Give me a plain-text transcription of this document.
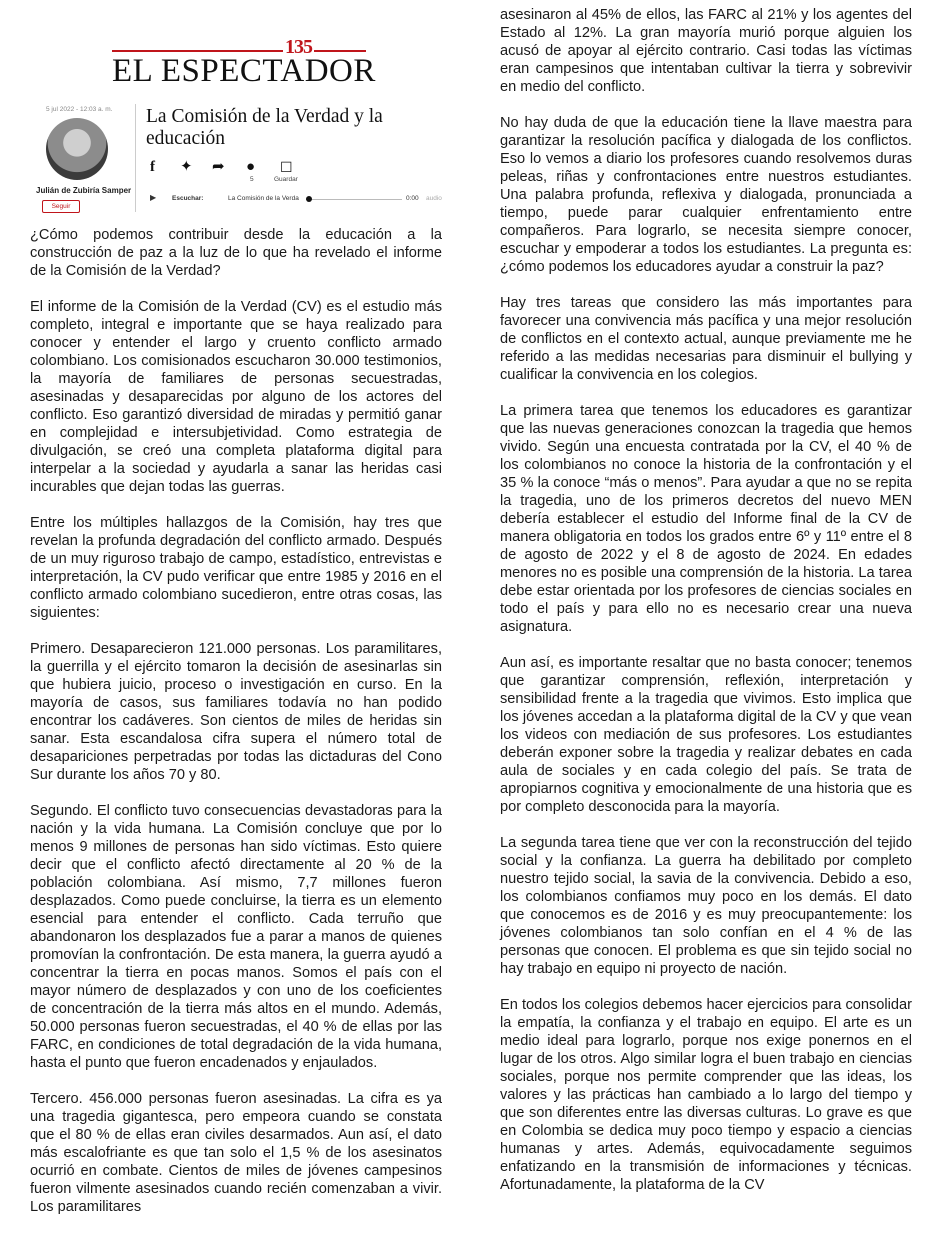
135
EL ESPECTADOR
5 jul 2022 - 12:03 a. m.
Julián de Zubiría Samper
Seguir
La Comisión de la Verdad y la educación
f ✦ ➦ ●
5
☐
Guardar
▶ Escuchar:	La Comisión de la Verda	0:00 audio

¿Cómo podemos contribuir desde la educación a la construcción de paz a la luz de lo que ha revelado el informe de la Comisión de la Verdad?

El informe de la Comisión de la Verdad (CV) es el estudio más completo, integral e importante que se haya realizado para conocer y entender el largo y cruento conflicto armado colombiano. Los comisionados escucharon 30.000 testimonios, la mayoría de familiares de personas secuestradas, asesinadas y desaparecidas por alguno de los actores del conflicto. Eso garantizó diversidad de miradas y permitió ganar en complejidad e intersubjetividad. Como estrategia de divulgación, se creó una completa plataforma digital para interpelar a la sociedad y ayudarla a sanar las heridas casi incurables que dejan todas las guerras.

Entre los múltiples hallazgos de la Comisión, hay tres que revelan la profunda degradación del conflicto armado. Después de un muy riguroso trabajo de campo, estadístico, entrevistas e interpretación, la CV pudo verificar que entre 1985 y 2016 en el conflicto armado colombiano sucedieron, entre otras cosas, las siguientes:

Primero. Desaparecieron 121.000 personas. Los paramilitares, la guerrilla y el ejército tomaron la decisión de asesinarlas sin que hubiera juicio, proceso o investigación en curso. En la mayoría de casos, sus familiares todavía no han podido encontrar los cadáveres. Son cientos de miles de heridas sin sanar. Esta escandalosa cifra supera el número total de desapariciones perpetradas por todas las dictaduras del Cono Sur durante los años 70 y 80.

Segundo. El conflicto tuvo consecuencias devastadoras para la nación y la vida humana. La Comisión concluye que por lo menos 9 millones de personas han sido víctimas. Esto quiere decir que el conflicto afectó directamente al 20 % de la población colombiana. Así mismo, 7,7 millones fueron desplazados. Como puede concluirse, la tierra es un elemento esencial para entender el conflicto. Cada terruño que abandonaron los desplazados fue a parar a manos de quienes promovían la confrontación. De esta manera, la guerra ayudó a concentrar la tierra en pocas manos. Somos el país con el mayor número de desplazados y con uno de los coeficientes de concentración de la tierra más altos en el mundo. Además, 50.000 personas fueron secuestradas, el 40 % de ellas por las FARC, en condiciones de total degradación de la vida humana, hasta el punto que fueron encadenados y enjaulados.

Tercero. 456.000 personas fueron asesinadas. La cifra es ya una tragedia gigantesca, pero empeora cuando se constata que el 80 % de ellas eran civiles desarmados. Aun así, el dato más escalofriante es que tan solo el 1,5 % de los asesinatos ocurrió en combate. Cientos de miles de jóvenes campesinos fueron vilmente asesinados cuando recién comenzaban a vivir. Los paramilitares

asesinaron al 45% de ellos, las FARC al 21% y los agentes del Estado al 12%. La gran mayoría murió porque alguien los acusó de apoyar al ejército contrario. Casi todas las víctimas eran campesinos que intentaban cultivar la tierra y sobrevivir en medio del conflicto.

No hay duda de que la educación tiene la llave maestra para garantizar la resolución pacífica y dialogada de los conflictos. Eso lo vemos a diario los profesores cuando resolvemos duras peleas, riñas y confrontaciones entre nuestros estudiantes. Una palabra profunda, reflexiva y dialogada, pronunciada a tiempo, puede parar cualquier enfrentamiento entre compañeros. Para lograrlo, se necesita siempre conocer, escuchar y empoderar a todos los estudiantes. La pregunta es: ¿cómo podemos los educadores ayudar a construir la paz?

Hay tres tareas que considero las más importantes para favorecer una convivencia más pacífica y una mejor resolución de conflictos en el contexto actual, aunque previamente me he referido a las medidas necesarias para disminuir el bullying y cualificar la convivencia en los colegios.

La primera tarea que tenemos los educadores es garantizar que las nuevas generaciones conozcan la tragedia que hemos vivido. Según una encuesta contratada por la CV, el 40 % de los colombianos no conoce la historia de la confrontación y el 35 % la conoce “más o menos”. Para ayudar a que no se repita la tragedia, uno de los primeros decretos del nuevo MEN debería establecer el estudio del Informe final de la CV de manera obligatoria en todos los grados entre 6º y 11º entre el 8 de agosto de 2022 y el 8 de agosto de 2024. En edades menores no es posible una comprensión de la historia. La tarea debe estar orientada por los profesores de ciencias sociales en todo el país y para ello no es necesario crear una nueva asignatura.

Aun así, es importante resaltar que no basta conocer; tenemos que garantizar comprensión, reflexión, interpretación y sensibilidad frente a la tragedia que vivimos. Esto implica que los jóvenes accedan a la plataforma digital de la CV y que vean los videos con mediación de sus profesores. Los estudiantes deberán exponer sobre la tragedia y realizar debates en cada aula de sociales y en cada colegio del país. Se trata de apropiarnos cognitiva y emocionalmente de una historia que es por completo desconocida para la mayoría.

La segunda tarea tiene que ver con la reconstrucción del tejido social y la confianza. La guerra ha debilitado por completo nuestro tejido social, la savia de la convivencia. Debido a eso, los colombianos confiamos muy poco en los demás. El dato que conocemos es de 2016 y es muy preocupantemente: los jóvenes colombianos tan solo confían en el 4 % de las personas que conocen. El problema es que sin tejido social no hay trabajo en equipo ni proyecto de nación.

En todos los colegios debemos hacer ejercicios para consolidar la empatía, la confianza y el trabajo en equipo. El arte es un medio ideal para lograrlo, porque nos exige ponernos en el lugar de los otros. Algo similar logra el buen trabajo en ciencias sociales, porque nos permite comprender que las ideas, los valores y las prácticas han cambiado a lo largo del tiempo y que son diferentes entre las diversas culturas. Lo grave es que en Colombia se dedica muy poco tiempo y espacio a ciencias humanas y artes. Además, equivocadamente seguimos enfatizando en la transmisión de informaciones y técnicas. Afortunadamente, la plataforma de la CV
